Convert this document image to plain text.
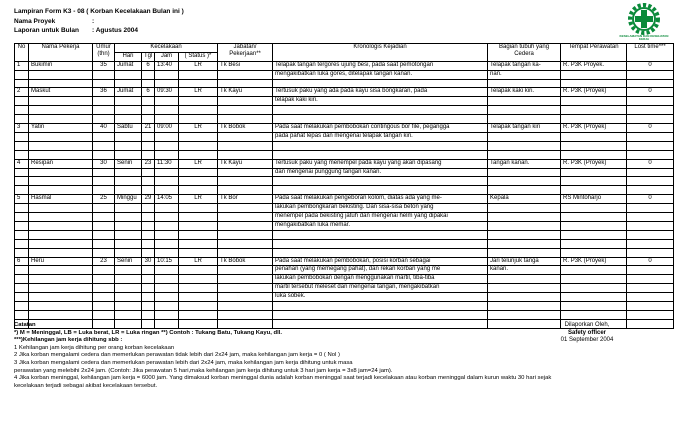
Lampiran Form K3 - 08 ( Korban Kecelakaan Bulan ini )
Nama Proyek	:
Laporan untuk Bulan : Agustus 2004
KESELAMATAN DAN KESEHATAN KERJA
No	Nama Pekerja	Umur (thn)	Kecelakaan				Jabatan/ Pekerjaan**	Kronologis Kejadian	Bagian tubuh yang Cedera	Tempat Perawatan	Lost time***
			Hari	Tgl	Jam	( Status )*					
1	Bukimin	35	Jumat	6	13:40	LR	Tk Besi	Telapak tangan tergores ujung besi, pada saat pemotongan	Telapak tangan ka-	R. P3K Proyek.	0
								mengakibatkan luka gores, ditelapak tangan kanan.	nan.		

2	Maskut	36	Jumat	6	09:30	LR	Tk Kayu	Tertusuk paku yang ada pada kayu sisa bongkaran, pada	Telapak kaki kiri.	R. P3K (Proyek)	0
								telapak kaki kiri.			

3	Yatin	40	Sabtu	21	09:00	LR	Tk Bobok	Pada saat melakukan pembobokan contingous bor file, pegangga	Telapak tangan kiri	R. P3K (Proyek)	0
								pada pahat lepas dan mengenai telapak tangan kiri.			

4	Resipan	30	Senin	23	11:30	LR	Tk Kayu	Tertusuk paku yang menempel pada kayu yang akan dipasang	Tangan kanan.	R. P3K (Proyek)	0
								dan mengenai punggung tangan kanan.			

5	Hasmal	25	Minggu	29	14:05	LR	Tk Bor	Pada saat melakukan pengeboran kolom, diatas ada yang me-	Kepala	RS Mintoharjo	0
								lakukan pembongkaran bekisting. Dan sisa-sisa beton yang			
								menempel pada bekisting jatuh dan mengenai helm yang dipakai			
								mengakibatkan luka memar.			

6	Heru	23	Senin	30	10:15	LR	Tk Bobok	Pada saat melakukan pembobokan, posisi korban sebagai	Jari telunjuk tanga	R. P3K (Proyek)	0
								penahan (yang memegang pahat), dan rekan korban yang me	kanan.		
								lakukan pembobokan dengan menggunakan martil, tiba-tiba			
								martil tersebut meleset dan mengenai tangan, mengakibatkan			
								luka sobek.			

Catatan
*) M = Meninggal, LB = Luka berat, LR = Luka ringan **) Contoh : Tukang Batu, Tukang Kayu, dll.
***)Kehilangan jam kerja dihitung sbb :
1 Kehilangan jam kerja dihitung per orang korban kecelakaan
2 Jika korban mengalami cedera dan memerlukan perawatan tidak lebih dari 2x24 jam, maka kehilangan jam kerja = 0 ( Nol )
3 Jika korban mengalami cedera dan memerlukan perawatan lebih dari 2x24 jam, maka kehilangan jam kerja dihitung untuk masa
perawatan yang melebihi 2x24 jam. (Contoh: Jika perawatan 5 hari,maka kehilangan jam kerja dihitung untuk 3 hari jam kerja = 3x8 jam=24 jam).
4 Jika korban meninggal, kehilangan jam kerja = 6000 jam. Yang dimaksud korban meninggal dunia adalah korban meninggal saat terjadi kecelakaan atau korban meninggal dalam kurun waktu 30 hari sejak
kecelakaan terjadi sebagai akibat kecelakaan tersebut.
Dilaporkan Oleh,
Safety officer
01 September 2004
